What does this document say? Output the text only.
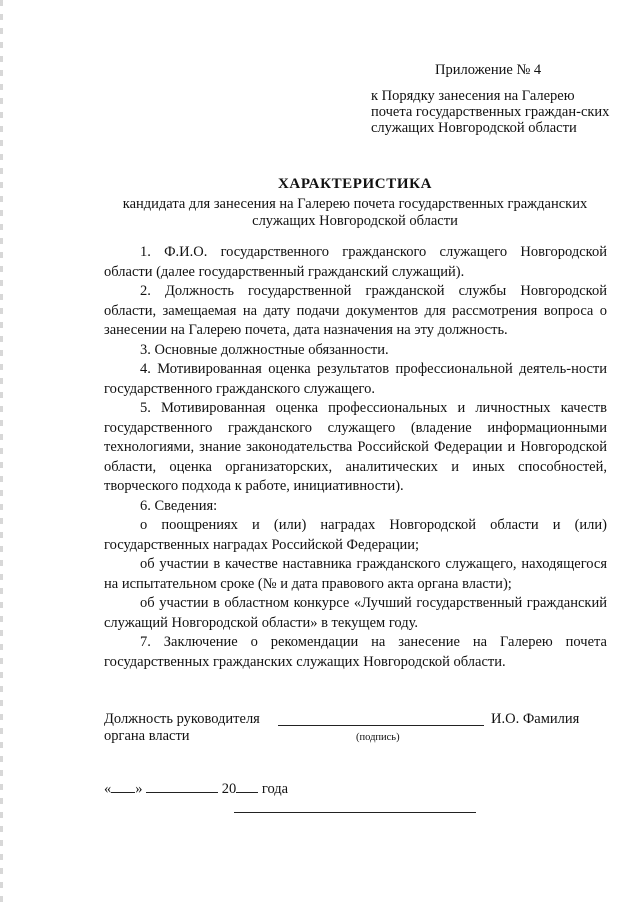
Приложение № 4
к Порядку занесения на Галерею почета государственных граждан-ских служащих Новгородской области
ХАРАКТЕРИСТИКА
кандидата для занесения на Галерею почета государственных гражданских служащих Новгородской области

1. Ф.И.О. государственного гражданского служащего Новгородской области (далее государственный гражданский служащий).

2. Должность государственной гражданской службы Новгородской области, замещаемая на дату подачи документов для рассмотрения вопроса о занесении на Галерею почета, дата назначения на эту должность.

3. Основные должностные обязанности.

4. Мотивированная оценка результатов профессиональной деятель-ности государственного гражданского служащего.

5. Мотивированная оценка профессиональных и личностных качеств государственного гражданского служащего (владение информационными технологиями, знание законодательства Российской Федерации и Новгородской области, оценка организаторских, аналитических и иных способностей, творческого подхода к работе, инициативности).

6. Сведения:

о поощрениях и (или) наградах Новгородской области и (или) государственных наградах Российской Федерации;

об участии в качестве наставника гражданского служащего, находящегося на испытательном сроке (№ и дата правового акта органа власти);

об участии в областном конкурсе «Лучший государственный гражданский служащий Новгородской области» в текущем году.

7. Заключение о рекомендации на занесение на Галерею почета государственных гражданских служащих Новгородской области.

Должность руководителя	И.О. Фамилия
органа власти	(подпись)
« »	20 года
